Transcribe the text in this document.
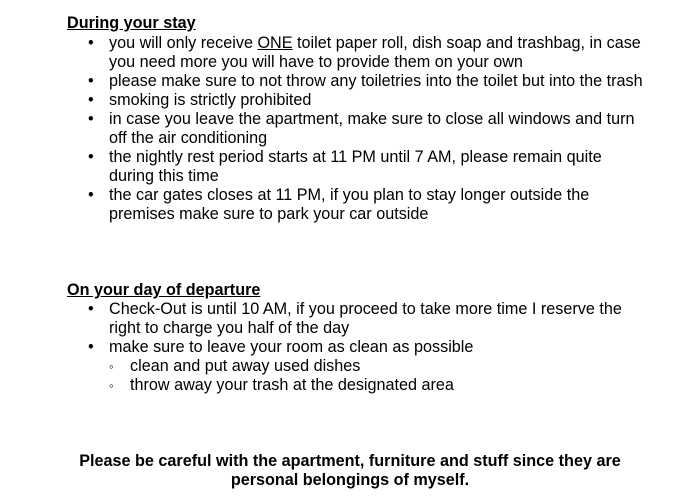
During your stay
• you will only receive ONE toilet paper roll, dish soap and trashbag, in case you need more you will have to provide them on your own
• please make sure to not throw any toiletries into the toilet but into the trash
• smoking is strictly prohibited
• in case you leave the apartment, make sure to close all windows and turn off the air conditioning
• the nightly rest period starts at 11 PM until 7 AM, please remain quite during this time
• the car gates closes at 11 PM, if you plan to stay longer outside the premises make sure to park your car outside
On your day of departure
• Check-Out is until 10 AM, if you proceed to take more time I reserve the right to charge you half of the day
• make sure to leave your room as clean as possible
◦ clean and put away used dishes
◦ throw away your trash at the designated area
Please be careful with the apartment, furniture and stuff since they are
personal belongings of myself.
